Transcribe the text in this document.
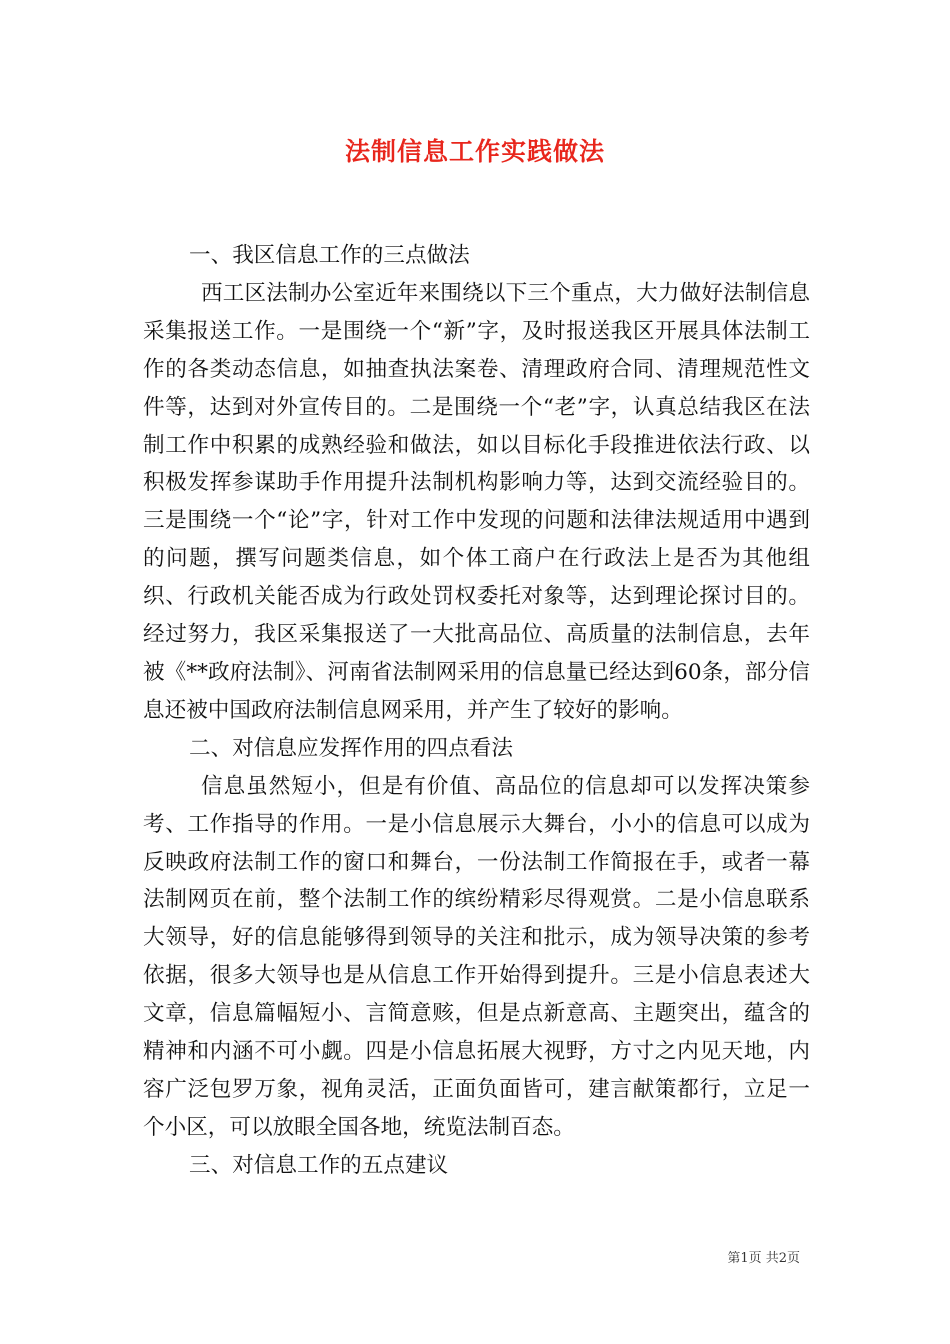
法制信息工作实践做法
一、我区信息工作的三点做法

西工区法制办公室近年来围绕以下三个重点，大力做好法制信息采集报送工作。一是围绕一个“新”字，及时报送我区开展具体法制工作的各类动态信息，如抽查执法案卷、清理政府合同、清理规范性文件等，达到对外宣传目的。二是围绕一个“老”字，认真总结我区在法制工作中积累的成熟经验和做法，如以目标化手段推进依法行政、以积极发挥参谋助手作用提升法制机构影响力等，达到交流经验目的。三是围绕一个“论”字，针对工作中发现的问题和法律法规适用中遇到的问题，撰写问题类信息，如个体工商户在行政法上是否为其他组织、行政机关能否成为行政处罚权委托对象等，达到理论探讨目的。经过努力，我区采集报送了一大批高品位、高质量的法制信息，去年被《**政府法制》、河南省法制网采用的信息量已经达到60条，部分信息还被中国政府法制信息网采用，并产生了较好的影响。

二、对信息应发挥作用的四点看法

信息虽然短小，但是有价值、高品位的信息却可以发挥决策参考、工作指导的作用。一是小信息展示大舞台，小小的信息可以成为反映政府法制工作的窗口和舞台，一份法制工作简报在手，或者一幕法制网页在前，整个法制工作的缤纷精彩尽得观赏。二是小信息联系大领导，好的信息能够得到领导的关注和批示，成为领导决策的参考依据，很多大领导也是从信息工作开始得到提升。三是小信息表述大文章，信息篇幅短小、言简意赅，但是点新意高、主题突出，蕴含的精神和内涵不可小觑。四是小信息拓展大视野，方寸之内见天地，内容广泛包罗万象，视角灵活，正面负面皆可，建言献策都行，立足一个小区，可以放眼全国各地，统览法制百态。

三、对信息工作的五点建议
第1页 共2页
